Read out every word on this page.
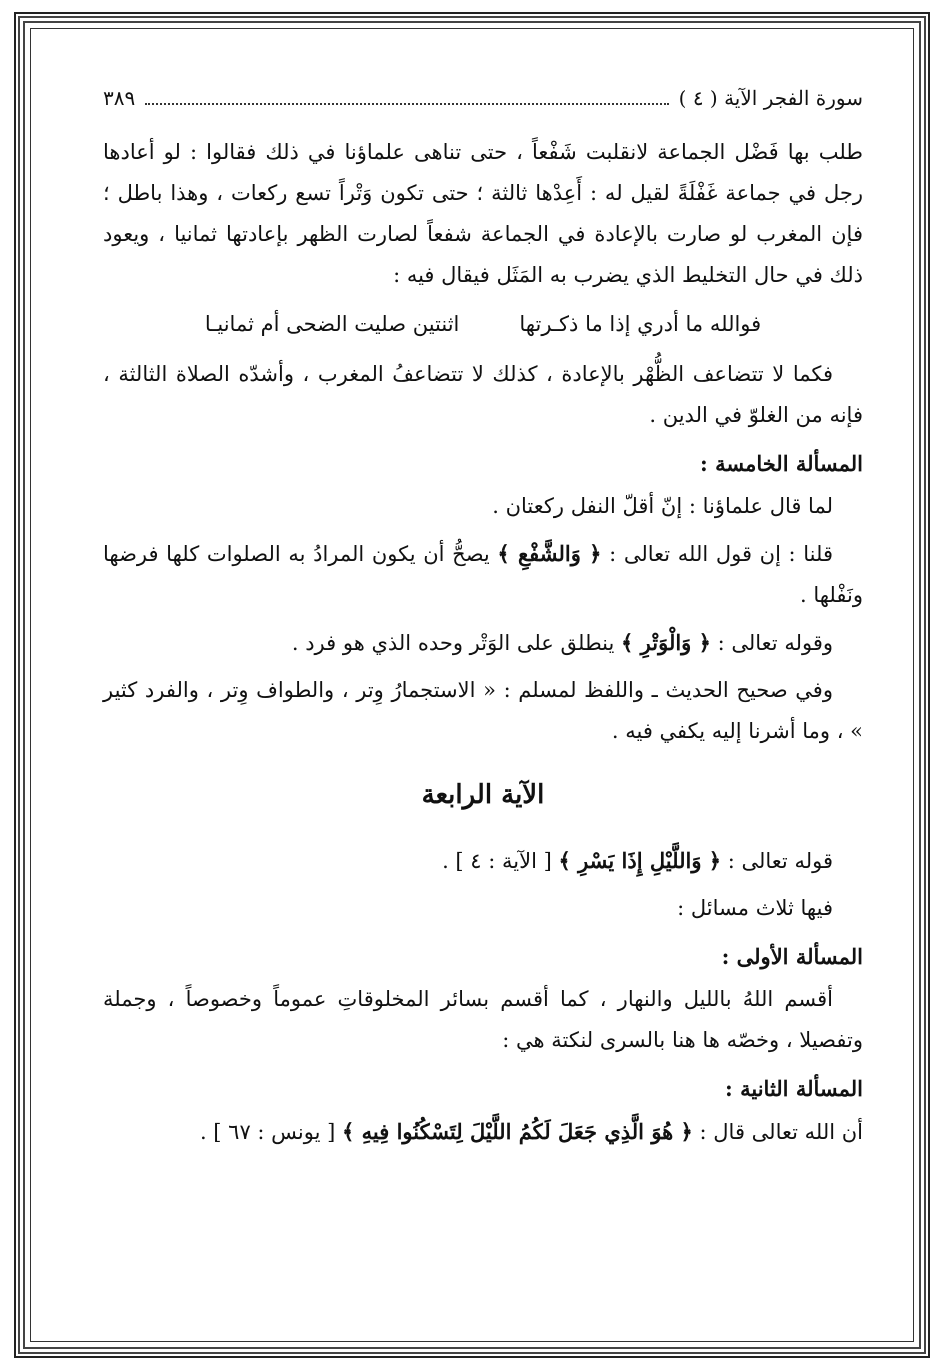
سورة الفجر الآية ( ٤ )
٣٨٩

طلب بها فَضْل الجماعة لانقلبت شَفْعاً ، حتى تناهى علماؤنا في ذلك فقالوا : لو أعادها رجل في جماعة غَفْلَةً لقيل له : أَعِدْها ثالثة ؛ حتى تكون وَتْراً تسع ركعات ، وهذا باطل ؛ فإن المغرب لو صارت بالإعادة في الجماعة شفعاً لصارت الظهر بإعادتها ثمانيا ، ويعود ذلك في حال التخليط الذي يضرب به المَثَل فيقال فيه :

فوالله ما أدري إذا ما ذكـرتها
اثنتين صليت الضحى أم ثمانيـا

فكما لا تتضاعف الظُّهْر بالإعادة ، كذلك لا تتضاعفُ المغرب ، وأشدّه الصلاة الثالثة ، فإنه من الغلوّ في الدين .

المسألة الخامسة :

لما قال علماؤنا : إنّ أقلّ النفل ركعتان .

قلنا : إن قول الله تعالى : ﴿ وَالشَّفْعِ ﴾ يصحُّ أن يكون المرادُ به الصلوات كلها فرضها ونَفْلها .

وقوله تعالى : ﴿ وَالْوَتْرِ ﴾ ينطلق على الوَتْر وحده الذي هو فرد .

وفي صحيح الحديث ـ واللفظ لمسلم : « الاستجمارُ وِتر ، والطواف وِتر ، والفرد كثير » ، وما أشرنا إليه يكفي فيه .

الآية الرابعة

قوله تعالى : ﴿ وَاللَّيْلِ إِذَا يَسْرِ ﴾ [ الآية : ٤ ] .

فيها ثلاث مسائل :

المسألة الأولى :

أقسم اللهُ بالليل والنهار ، كما أقسم بسائر المخلوقاتِ عموماً وخصوصاً ، وجملة وتفصيلا ، وخصّه ها هنا بالسرى لنكتة هي :

المسألة الثانية :

أن الله تعالى قال : ﴿ هُوَ الَّذِي جَعَلَ لَكُمُ اللَّيْلَ لِتَسْكُنُوا فِيهِ ﴾ [ يونس : ٦٧ ] .
